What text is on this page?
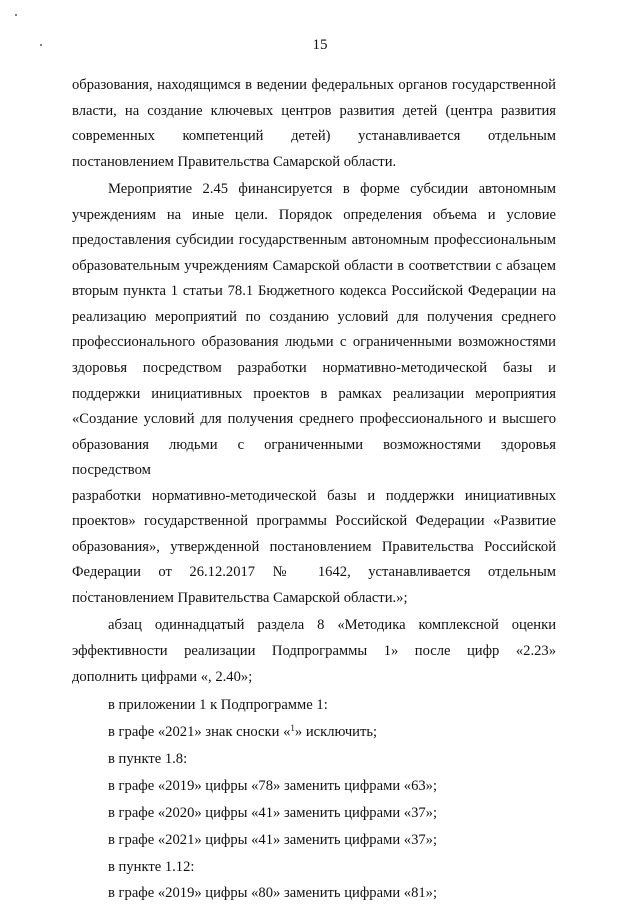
15

образования, находящимся в ведении федеральных органов государственной
власти, на создание ключевых центров развития детей (центра развития
современных компетенций детей) устанавливается отдельным
постановлением Правительства Самарской области.

Мероприятие 2.45 финансируется в форме субсидии автономным
учреждениям на иные цели. Порядок определения объема и условие
предоставления субсидии государственным автономным профессиональным
образовательным учреждениям Самарской области в соответствии с абзацем
вторым пункта 1 статьи 78.1 Бюджетного кодекса Российской Федерации на
реализацию мероприятий по созданию условий для получения среднего
профессионального образования людьми с ограниченными возможностями
здоровья посредством разработки нормативно-методической базы и
поддержки инициативных проектов в рамках реализации мероприятия
«Создание условий для получения среднего профессионального и высшего
образования людьми с ограниченными возможностями здоровья посредством
разработки нормативно-методической базы и поддержки инициативных
проектов» государственной программы Российской Федерации «Развитие
образования», утвержденной постановлением Правительства Российской
Федерации от 26.12.2017 № 1642, устанавливается отдельным
постановлением Правительства Самарской области.»;

абзац одиннадцатый раздела 8 «Методика комплексной оценки
эффективности реализации Подпрограммы 1» после цифр «2.23»
дополнить цифрами «, 2.40»;

в приложении 1 к Подпрограмме 1:

в графе «2021» знак сноски «$^1$» исключить;

в пункте 1.8:

в графе «2019» цифры «78» заменить цифрами «63»;

в графе «2020» цифры «41» заменить цифрами «37»;

в графе «2021» цифры «41» заменить цифрами «37»;

в пункте 1.12:

в графе «2019» цифры «80» заменить цифрами «81»;
